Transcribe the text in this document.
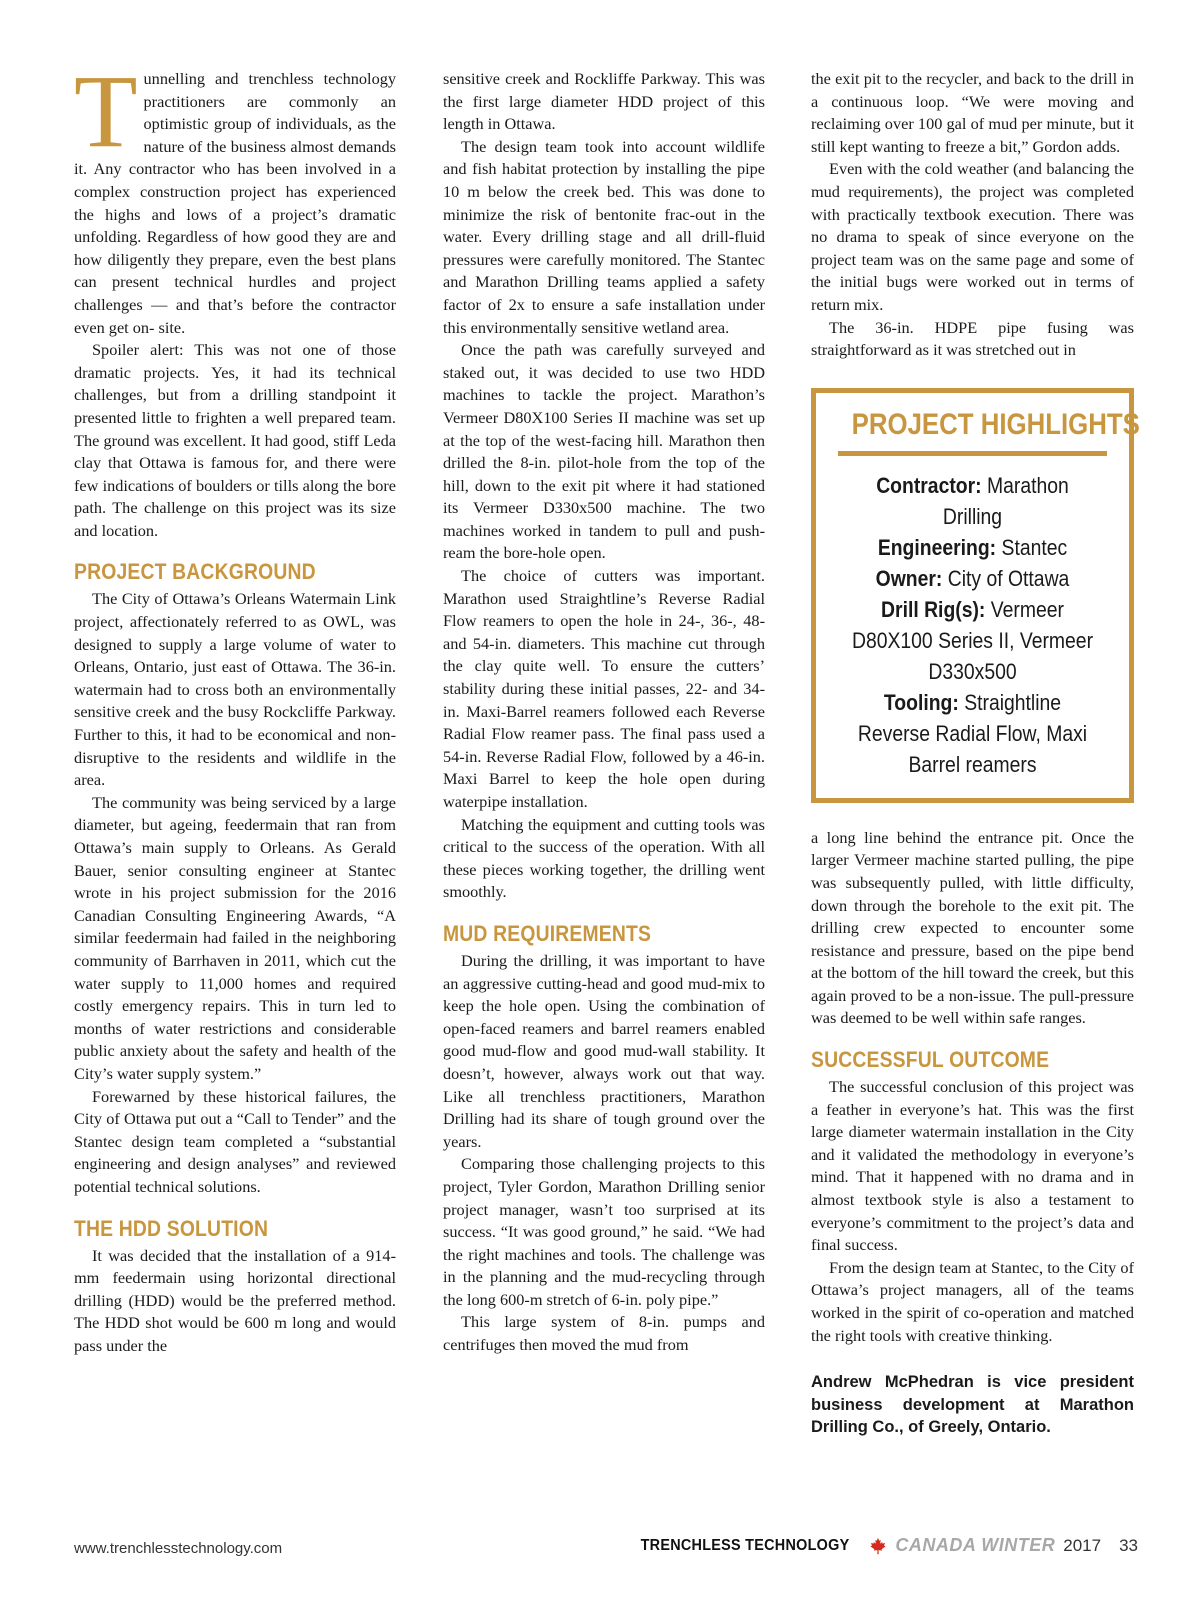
Tunnelling and trenchless technology practitioners are commonly an optimistic group of individuals, as the nature of the business almost demands it. Any contractor who has been involved in a complex construction project has experienced the highs and lows of a project’s dramatic unfolding. Regardless of how good they are and how diligently they prepare, even the best plans can present technical hurdles and project challenges — and that’s before the contractor even get on- site.

Spoiler alert: This was not one of those dramatic projects. Yes, it had its technical challenges, but from a drilling standpoint it presented little to frighten a well prepared team. The ground was excellent. It had good, stiff Leda clay that Ottawa is famous for, and there were few indications of boulders or tills along the bore path. The challenge on this project was its size and location.

PROJECT BACKGROUND

The City of Ottawa’s Orleans Watermain Link project, affectionately referred to as OWL, was designed to supply a large volume of water to Orleans, Ontario, just east of Ottawa. The 36-in. watermain had to cross both an environmentally sensitive creek and the busy Rockcliffe Parkway. Further to this, it had to be economical and non-disruptive to the residents and wildlife in the area.

The community was being serviced by a large diameter, but ageing, feedermain that ran from Ottawa’s main supply to Orleans. As Gerald Bauer, senior consulting engineer at Stantec wrote in his project submission for the 2016 Canadian Consulting Engineering Awards, “A similar feedermain had failed in the neighboring community of Barrhaven in 2011, which cut the water supply to 11,000 homes and required costly emergency repairs. This in turn led to months of water restrictions and considerable public anxiety about the safety and health of the City’s water supply system.”

Forewarned by these historical failures, the City of Ottawa put out a “Call to Tender” and the Stantec design team completed a “substantial engineering and design analyses” and reviewed potential technical solutions.

THE HDD SOLUTION

It was decided that the installation of a 914-mm feedermain using horizontal directional drilling (HDD) would be the preferred method. The HDD shot would be 600 m long and would pass under the

sensitive creek and Rockliffe Parkway. This was the first large diameter HDD project of this length in Ottawa.

The design team took into account wildlife and fish habitat protection by installing the pipe 10 m below the creek bed. This was done to minimize the risk of bentonite frac-out in the water. Every drilling stage and all drill-fluid pressures were carefully monitored. The Stantec and Marathon Drilling teams applied a safety factor of 2x to ensure a safe installation under this environmentally sensitive wetland area.

Once the path was carefully surveyed and staked out, it was decided to use two HDD machines to tackle the project. Marathon’s Vermeer D80X100 Series II machine was set up at the top of the west-facing hill. Marathon then drilled the 8-in. pilot-hole from the top of the hill, down to the exit pit where it had stationed its Vermeer D330x500 machine. The two machines worked in tandem to pull and push-ream the bore-hole open.

The choice of cutters was important. Marathon used Straightline’s Reverse Radial Flow reamers to open the hole in 24-, 36-, 48- and 54-in. diameters. This machine cut through the clay quite well. To ensure the cutters’ stability during these initial passes, 22- and 34-in. Maxi-Barrel reamers followed each Reverse Radial Flow reamer pass. The final pass used a 54-in. Reverse Radial Flow, followed by a 46-in. Maxi Barrel to keep the hole open during waterpipe installation.

Matching the equipment and cutting tools was critical to the success of the operation. With all these pieces working together, the drilling went smoothly.

MUD REQUIREMENTS

During the drilling, it was important to have an aggressive cutting-head and good mud-mix to keep the hole open. Using the combination of open-faced reamers and barrel reamers enabled good mud-flow and good mud-wall stability. It doesn’t, however, always work out that way. Like all trenchless practitioners, Marathon Drilling had its share of tough ground over the years.

Comparing those challenging projects to this project, Tyler Gordon, Marathon Drilling senior project manager, wasn’t too surprised at its success. “It was good ground,” he said. “We had the right machines and tools. The challenge was in the planning and the mud-recycling through the long 600-m stretch of 6-in. poly pipe.”

This large system of 8-in. pumps and centrifuges then moved the mud from

the exit pit to the recycler, and back to the drill in a continuous loop. “We were moving and reclaiming over 100 gal of mud per minute, but it still kept wanting to freeze a bit,” Gordon adds.

Even with the cold weather (and balancing the mud requirements), the project was completed with practically textbook execution. There was no drama to speak of since everyone on the project team was on the same page and some of the initial bugs were worked out in terms of return mix.

The 36-in. HDPE pipe fusing was straightforward as it was stretched out in

PROJECT HIGHLIGHTS
Contractor: Marathon Drilling
Engineering: Stantec
Owner: City of Ottawa
Drill Rig(s): Vermeer D80X100 Series II, Vermeer D330x500
Tooling: Straightline Reverse Radial Flow, Maxi Barrel reamers

a long line behind the entrance pit. Once the larger Vermeer machine started pulling, the pipe was subsequently pulled, with little difficulty, down through the borehole to the exit pit. The drilling crew expected to encounter some resistance and pressure, based on the pipe bend at the bottom of the hill toward the creek, but this again proved to be a non-issue. The pull-pressure was deemed to be well within safe ranges.

SUCCESSFUL OUTCOME

The successful conclusion of this project was a feather in everyone’s hat. This was the first large diameter watermain installation in the City and it validated the methodology in everyone’s mind. That it happened with no drama and in almost textbook style is also a testament to everyone’s commitment to the project’s data and final success.

From the design team at Stantec, to the City of Ottawa’s project managers, all of the teams worked in the spirit of co-operation and matched the right tools with creative thinking.

Andrew McPhedran is vice president business development at Marathon Drilling Co., of Greely, Ontario.
www.trenchlesstechnology.com	TRENCHLESS TECHNOLOGY	CANADA WINTER 2017 33
